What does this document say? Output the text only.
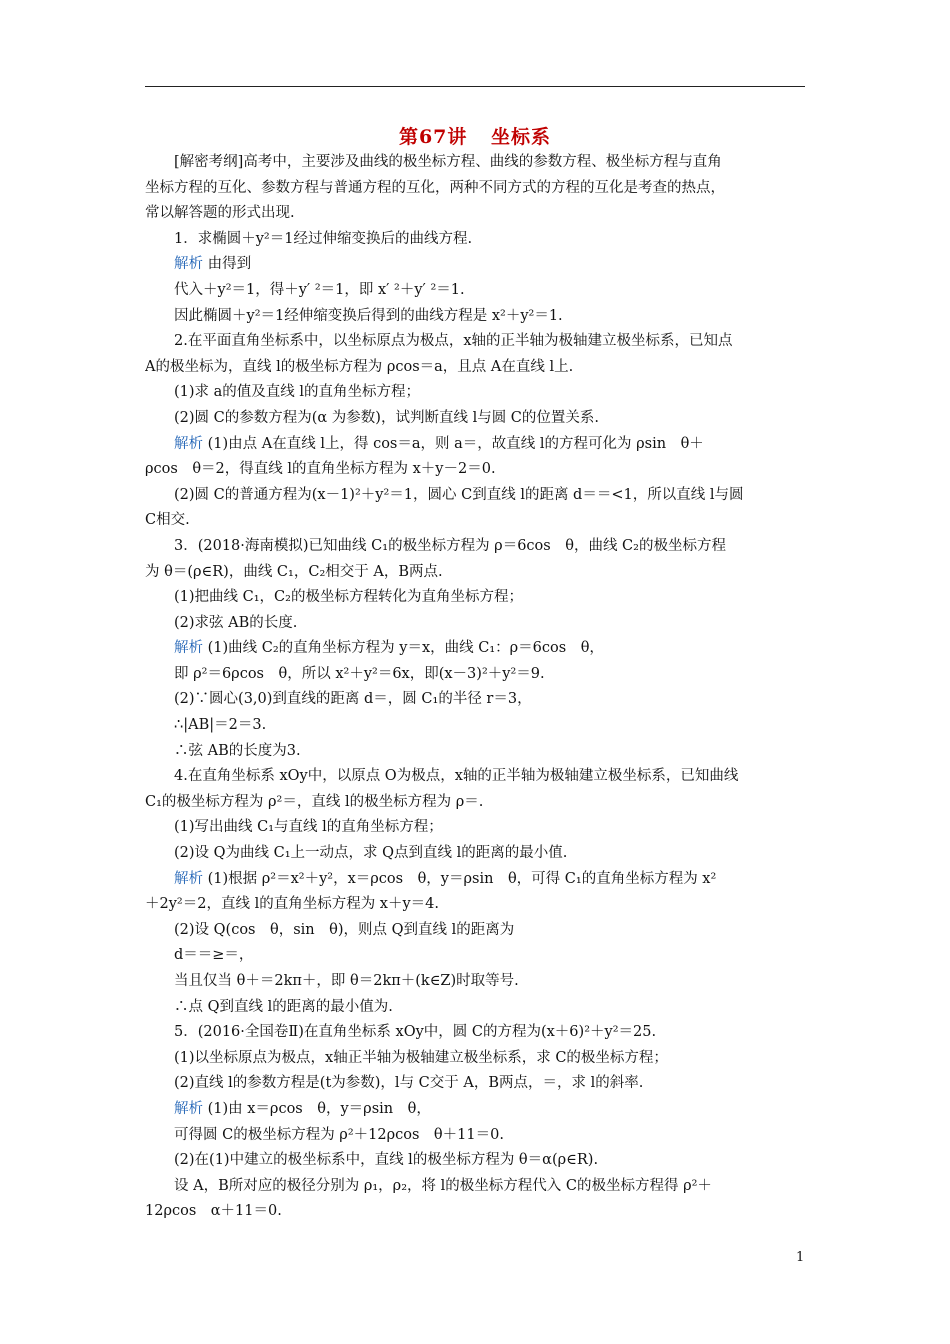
第67讲 坐标系
[解密考纲]高考中，主要涉及曲线的极坐标方程、曲线的参数方程、极坐标方程与直角
坐标方程的互化、参数方程与普通方程的互化，两种不同方式的方程的互化是考查的热点，
常以解答题的形式出现.
1．求椭圆＋y²＝1经过伸缩变换后的曲线方程.
解析 由得到
代入＋y²＝1，得＋y′ ²＝1，即 x′ ²＋y′ ²＝1.
因此椭圆＋y²＝1经伸缩变换后得到的曲线方程是 x²＋y²＝1.
2.在平面直角坐标系中，以坐标原点为极点，x轴的正半轴为极轴建立极坐标系，已知点
A的极坐标为，直线 l的极坐标方程为 ρcos＝a，且点 A在直线 l上.
(1)求 a的值及直线 l的直角坐标方程；
(2)圆 C的参数方程为(α 为参数)，试判断直线 l与圆 C的位置关系.
解析 (1)由点 A在直线 l上，得 cos＝a，则 a＝，故直线 l的方程可化为 ρsin　θ＋
ρcos　θ＝2，得直线 l的直角坐标方程为 x＋y－2＝0.
(2)圆 C的普通方程为(x－1)²＋y²＝1，圆心 C到直线 l的距离 d＝＝<1，所以直线 l与圆
C相交.
3．(2018·海南模拟)已知曲线 C₁的极坐标方程为 ρ＝6cos　θ，曲线 C₂的极坐标方程
为 θ＝(ρ∈R)，曲线 C₁，C₂相交于 A，B两点.
(1)把曲线 C₁，C₂的极坐标方程转化为直角坐标方程；
(2)求弦 AB的长度.
解析 (1)曲线 C₂的直角坐标方程为 y＝x，曲线 C₁：ρ＝6cos　θ，
即 ρ²＝6ρcos　θ，所以 x²＋y²＝6x，即(x－3)²＋y²＝9.
(2)∵圆心(3,0)到直线的距离 d＝，圆 C₁的半径 r＝3，
∴|AB|＝2＝3.
∴弦 AB的长度为3.
4.在直角坐标系 xOy中，以原点 O为极点，x轴的正半轴为极轴建立极坐标系，已知曲线
C₁的极坐标方程为 ρ²＝，直线 l的极坐标方程为 ρ＝.
(1)写出曲线 C₁与直线 l的直角坐标方程；
(2)设 Q为曲线 C₁上一动点，求 Q点到直线 l的距离的最小值.
解析 (1)根据 ρ²＝x²＋y²，x＝ρcos　θ，y＝ρsin　θ，可得 C₁的直角坐标方程为 x²
＋2y²＝2，直线 l的直角坐标方程为 x＋y＝4.
(2)设 Q(cos　θ，sin　θ)，则点 Q到直线 l的距离为
d＝＝≥＝，
当且仅当 θ＋＝2kπ＋，即 θ＝2kπ＋(k∈Z)时取等号.
∴点 Q到直线 l的距离的最小值为.
5．(2016·全国卷Ⅱ)在直角坐标系 xOy中，圆 C的方程为(x＋6)²＋y²＝25.
(1)以坐标原点为极点，x轴正半轴为极轴建立极坐标系，求 C的极坐标方程；
(2)直线 l的参数方程是(t为参数)，l与 C交于 A，B两点，＝，求 l的斜率.
解析 (1)由 x＝ρcos　θ，y＝ρsin　θ，
可得圆 C的极坐标方程为 ρ²＋12ρcos　θ＋11＝0.
(2)在(1)中建立的极坐标系中，直线 l的极坐标方程为 θ＝α(ρ∈R).
设 A，B所对应的极径分别为 ρ₁，ρ₂，将 l的极坐标方程代入 C的极坐标方程得 ρ²＋
12ρcos　α＋11＝0.
1
